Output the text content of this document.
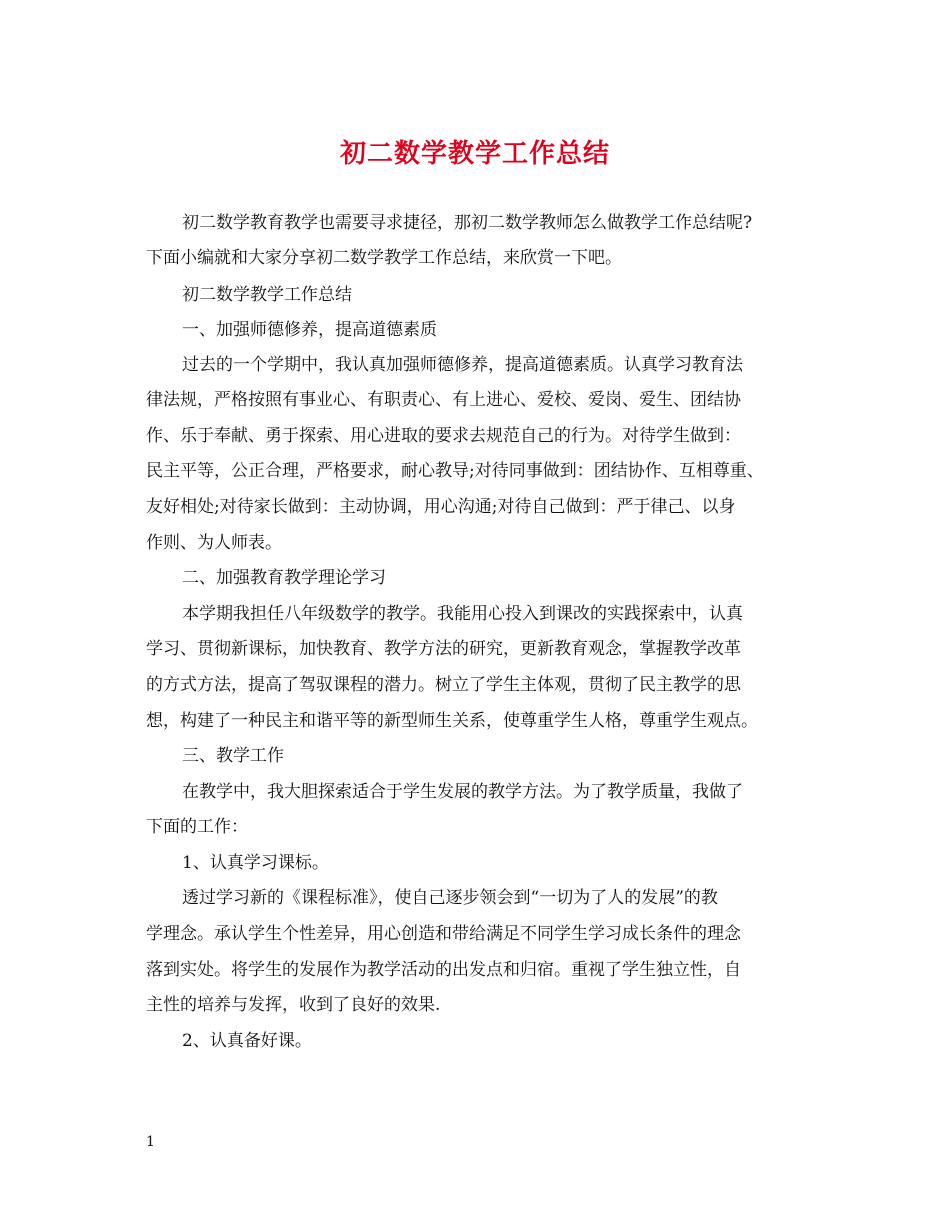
初二数学教学工作总结
初二数学教育教学也需要寻求捷径，那初二数学教师怎么做教学工作总结呢?
下面小编就和大家分享初二数学教学工作总结，来欣赏一下吧。
初二数学教学工作总结
一、加强师德修养，提高道德素质
过去的一个学期中，我认真加强师德修养，提高道德素质。认真学习教育法
律法规，严格按照有事业心、有职责心、有上进心、爱校、爱岗、爱生、团结协
作、乐于奉献、勇于探索、用心进取的要求去规范自己的行为。对待学生做到：
民主平等，公正合理，严格要求，耐心教导;对待同事做到：团结协作、互相尊重、
友好相处;对待家长做到：主动协调，用心沟通;对待自己做到：严于律己、以身
作则、为人师表。
二、加强教育教学理论学习
本学期我担任八年级数学的教学。我能用心投入到课改的实践探索中，认真
学习、贯彻新课标，加快教育、教学方法的研究，更新教育观念，掌握教学改革
的方式方法，提高了驾驭课程的潜力。树立了学生主体观，贯彻了民主教学的思
想，构建了一种民主和谐平等的新型师生关系，使尊重学生人格，尊重学生观点。
三、教学工作
在教学中，我大胆探索适合于学生发展的教学方法。为了教学质量，我做了
下面的工作：
1、认真学习课标。
透过学习新的《课程标准》，使自己逐步领会到“一切为了人的发展”的教
学理念。承认学生个性差异，用心创造和带给满足不同学生学习成长条件的理念
落到实处。将学生的发展作为教学活动的出发点和归宿。重视了学生独立性，自
主性的培养与发挥，收到了良好的效果.
2、认真备好课。
1
